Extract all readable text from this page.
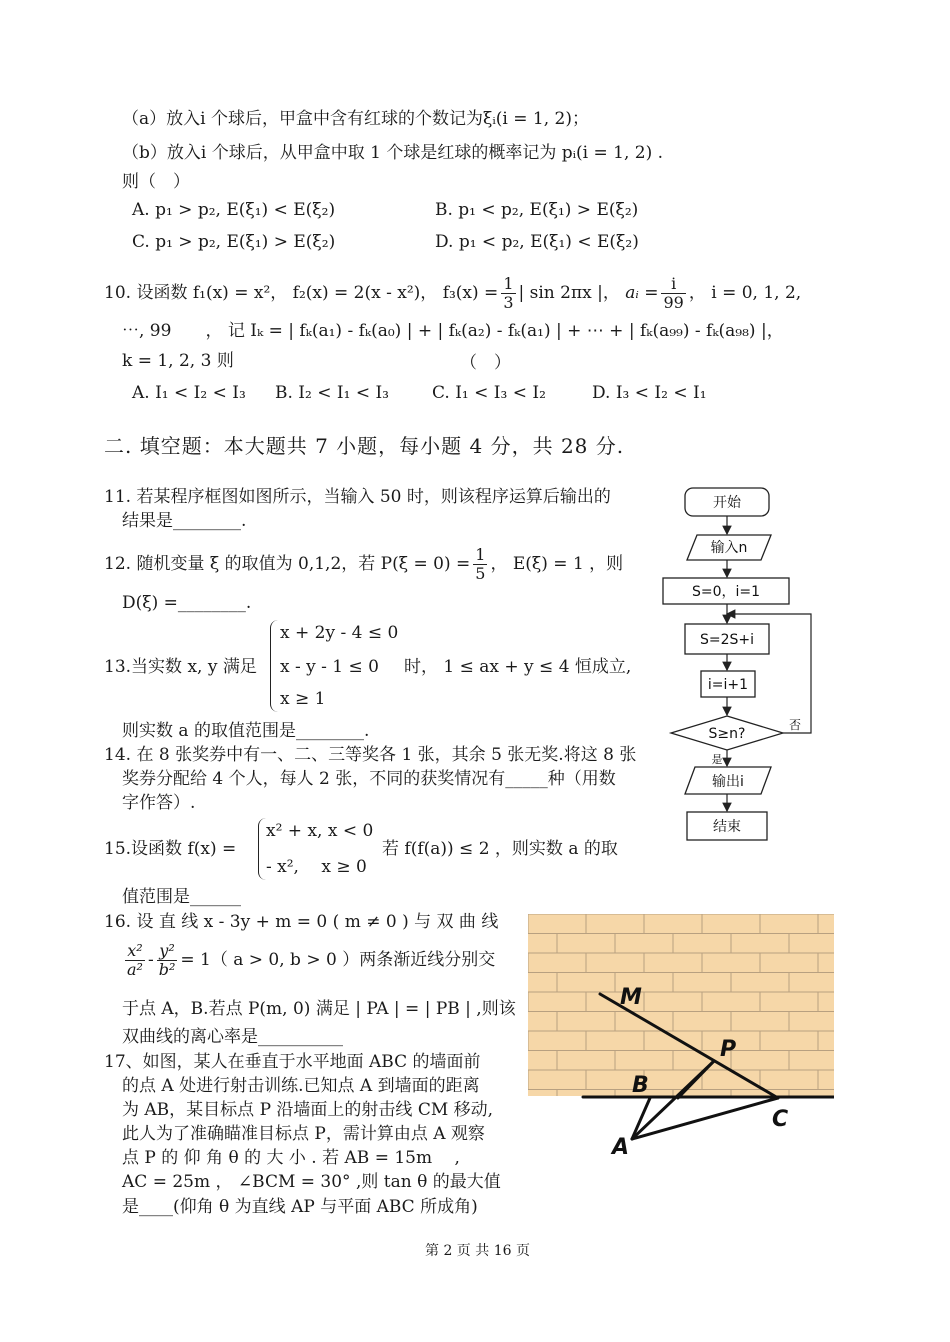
（a）放入i 个球后，甲盒中含有红球的个数记为ξᵢ(i = 1, 2)；
（b）放入i 个球后，从甲盒中取 1 个球是红球的概率记为 pᵢ(i = 1, 2) .
则（　）
A. p₁ > p₂, E(ξ₁) < E(ξ₂)	B. p₁ < p₂, E(ξ₁) > E(ξ₂)
C. p₁ > p₂, E(ξ₁) > E(ξ₂)	D. p₁ < p₂, E(ξ₁) < E(ξ₂)
10. 设函数 f₁(x) = x²， f₂(x) = 2(x - x²)， $f_3(x) = \frac{1}{3}$ | sin 2πx |， aᵢ = $\frac{i}{99}$ ， i = 0, 1, 2,
⋯, 99　　， 记 Iₖ = | fₖ(a₁) - fₖ(a₀) | + | fₖ(a₂) - fₖ(a₁) | + ⋯ + | fₖ(a₉₉) - fₖ(a₉₈) |，
k = 1, 2, 3 则	（　）
A. I₁ < I₂ < I₃ B. I₂ < I₁ < I₃	C. I₁ < I₃ < I₂	D. I₃ < I₂ < I₁
二. 填空题：本大题共 7 小题，每小题 4 分，共 28 分.
11. 若某程序框图如图所示，当输入 50 时，则该程序运算后输出的
结果是________.
12. 随机变量 ξ 的取值为 0,1,2，若 $P(\xi = 0) = \frac{1}{5}$ ， E(ξ) = 1 ，则
D(ξ) =________.
13.当实数 x, y 满足
x + 2y - 4 ≤ 0
x - y - 1 ≤ 0
x ≥ 1
时， 1 ≤ ax + y ≤ 4 恒成立,
则实数 a 的取值范围是________.
14. 在 8 张奖券中有一、二、三等奖各 1 张，其余 5 张无奖.将这 8 张
奖券分配给 4 个人，每人 2 张，不同的获奖情况有_____种（用数
字作答）.
15.设函数 f(x) =
x² + x, x < 0
- x²,　 x ≥ 0
若 f(f(a)) ≤ 2 ，则实数 a 的取
值范围是______
16. 设 直 线 x - 3y + m = 0 ( m ≠ 0 ) 与 双 曲 线
$\frac{\text{x²}}{\text{a²}} - \frac{\text{y²}}{\text{b²}} = 1$（ a > 0, b > 0 ）两条渐近线分别交
于点 A，B.若点 P(m, 0) 满足 | PA | = | PB | ,则该
双曲线的离心率是__________
17、如图，某人在垂直于水平地面 ABC 的墙面前
的点 A 处进行射击训练.已知点 A 到墙面的距离
为 AB，某目标点 P 沿墙面上的射击线 CM 移动,
此人为了准确瞄准目标点 P，需计算由点 A 观察
点 P 的 仰 角 θ 的 大 小 . 若 AB = 15m　 ,
AC = 25m ， ∠BCM = 30° ,则 tan θ 的最大值
是____(仰角 θ 为直线 AP 与平面 ABC 所成角)
开始
输入n
S=0，i=1
S=2S+i
i=i+1
S≥n?
否
是
输出i
结束
M
P
B
C
A
第 2 页 共 16 页
